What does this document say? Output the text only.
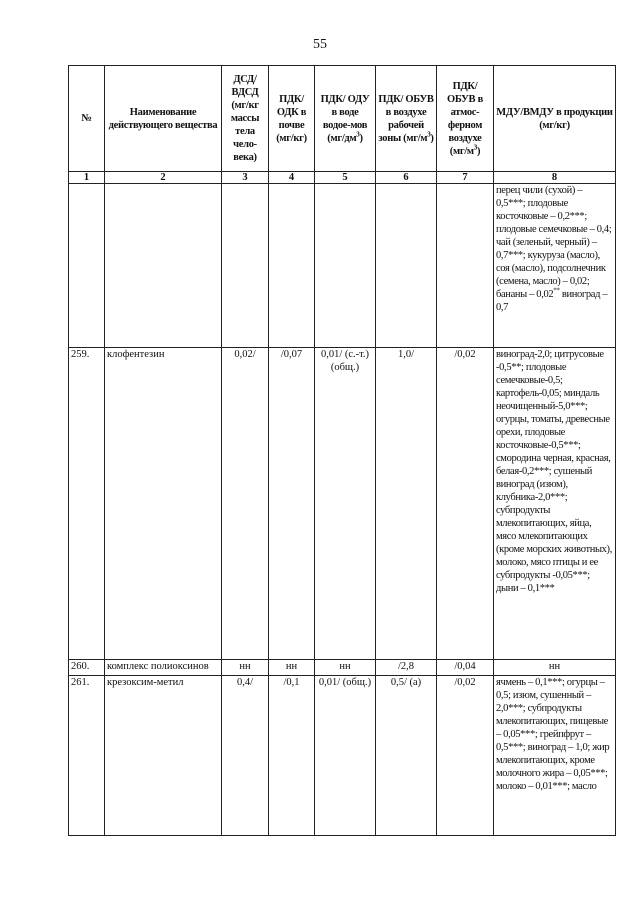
55
№	Наименование действующего вещества	ДСД/ ВДСД (мг/кг массы тела чело-века)	ПДК/ ОДК в почве (мг/кг)	ПДК/ ОДУ в воде водое-мов $(мг/дм^3)$	ПДК/ ОБУВ в воздухе рабочей зоны $(мг/м^3)$	ПДК/ ОБУВ в атмос-ферном воздухе $(мг/м^3)$	МДУ/ВМДУ в продукции (мг/кг)
1	2	3	4	5	6	7	8
							перец чили (сухой) – 0,5***; плодовые косточковые – 0,2***; плодовые семечковые – 0,4; чай (зеленый, черный) – 0,7***; кукуруза (масло), соя (масло), подсолнечник (семена, масло) – 0,02; бананы – 0,02** виноград – 0,7
259.	клофентезин	0,02/	/0,07	0,01/ (с.-т.) (общ.)	1,0/	/0,02	виноград-2,0; цитрусовые -0,5**; плодовые семечковые-0,5; картофель-0,05; миндаль неочищенный-5,0***; огурцы, томаты, древесные орехи, плодовые косточковые-0,5***; смородина черная, красная, белая-0,2***; сушеный виноград (изюм), клубника-2,0***; субпродукты млекопитающих, яйца, мясо млекопитающих (кроме морских животных), молоко, мясо птицы и ее субпродукты -0,05***; дыни – 0,1***
260.	комплекс полиоксинов	нн	нн	нн	/2,8	/0,04	нн
261.	крезоксим-метил	0,4/	/0,1	0,01/ (общ.)	0,5/ (а)	/0,02	ячмень – 0,1***; огурцы – 0,5; изюм, сушенный – 2,0***; субпродукты млекопитающих, пищевые – 0,05***; грейпфрут – 0,5***; виноград – 1,0; жир млекопитающих, кроме молочного жира – 0,05***; молоко – 0,01***; масло
